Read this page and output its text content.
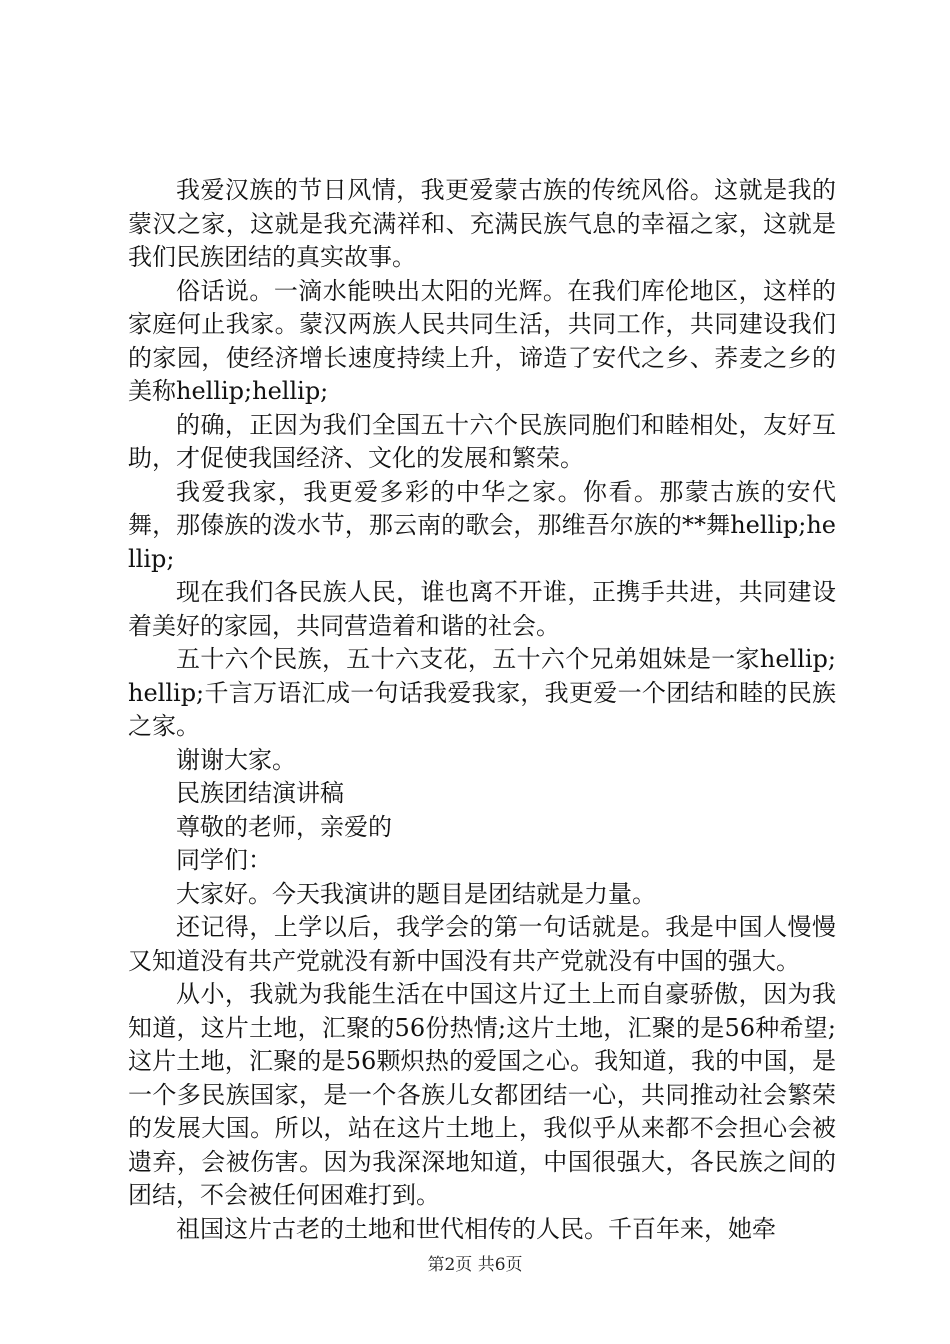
我爱汉族的节日风情，我更爱蒙古族的传统风俗。这就是我的蒙汉之家，这就是我充满祥和、充满民族气息的幸福之家，这就是我们民族团结的真实故事。

俗话说。一滴水能映出太阳的光辉。在我们库伦地区，这样的家庭何止我家。蒙汉两族人民共同生活，共同工作，共同建设我们的家园，使经济增长速度持续上升，谛造了安代之乡、荞麦之乡的美称hellip;hellip;

的确，正因为我们全国五十六个民族同胞们和睦相处，友好互助，才促使我国经济、文化的发展和繁荣。

我爱我家，我更爱多彩的中华之家。你看。那蒙古族的安代舞，那傣族的泼水节，那云南的歌会，那维吾尔族的**舞hellip;hellip;

现在我们各民族人民，谁也离不开谁，正携手共进，共同建设着美好的家园，共同营造着和谐的社会。

五十六个民族，五十六支花，五十六个兄弟姐妹是一家hellip;hellip;千言万语汇成一句话我爱我家，我更爱一个团结和睦的民族之家。

谢谢大家。

民族团结演讲稿

尊敬的老师，亲爱的

同学们：

大家好。今天我演讲的题目是团结就是力量。

还记得，上学以后，我学会的第一句话就是。我是中国人慢慢又知道没有共产党就没有新中国没有共产党就没有中国的强大。

从小，我就为我能生活在中国这片辽土上而自豪骄傲，因为我知道，这片土地，汇聚的56份热情;这片土地，汇聚的是56种希望;这片土地，汇聚的是56颗炽热的爱国之心。我知道，我的中国，是一个多民族国家，是一个各族儿女都团结一心，共同推动社会繁荣的发展大国。所以，站在这片土地上，我似乎从来都不会担心会被遗弃，会被伤害。因为我深深地知道，中国很强大，各民族之间的团结，不会被任何困难打到。

祖国这片古老的土地和世代相传的人民。千百年来，她牵

第2页 共6页
